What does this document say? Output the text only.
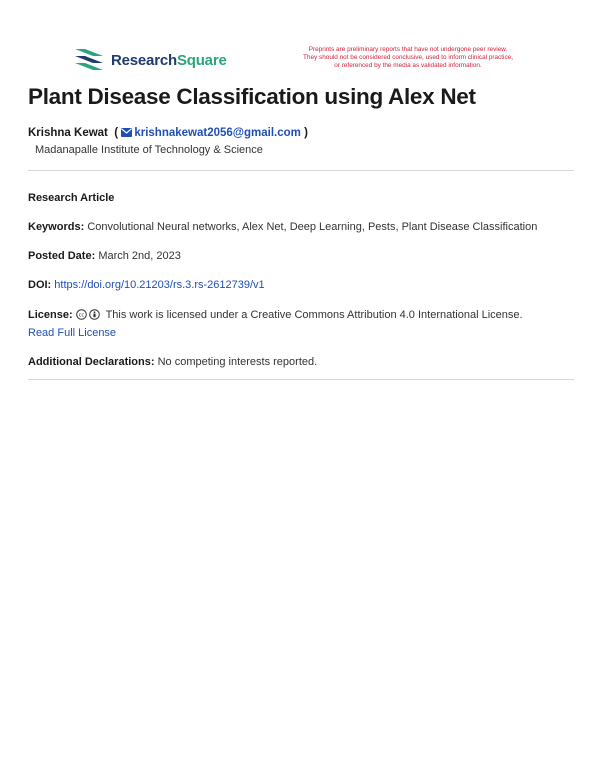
ResearchSquare
Preprints are preliminary reports that have not undergone peer review.
They should not be considered conclusive, used to inform clinical practice,
or referenced by the media as validated information.
Plant Disease Classification using Alex Net
Krishna Kewat  ( krishnakewat2056@gmail.com )
Madanapalle Institute of Technology & Science
Research Article
Keywords: Convolutional Neural networks, Alex Net, Deep Learning, Pests, Plant Disease Classification
Posted Date: March 2nd, 2023
DOI: https://doi.org/10.21203/rs.3.rs-2612739/v1
License: cc This work is licensed under a Creative Commons Attribution 4.0 International License.
Read Full License
Additional Declarations: No competing interests reported.
